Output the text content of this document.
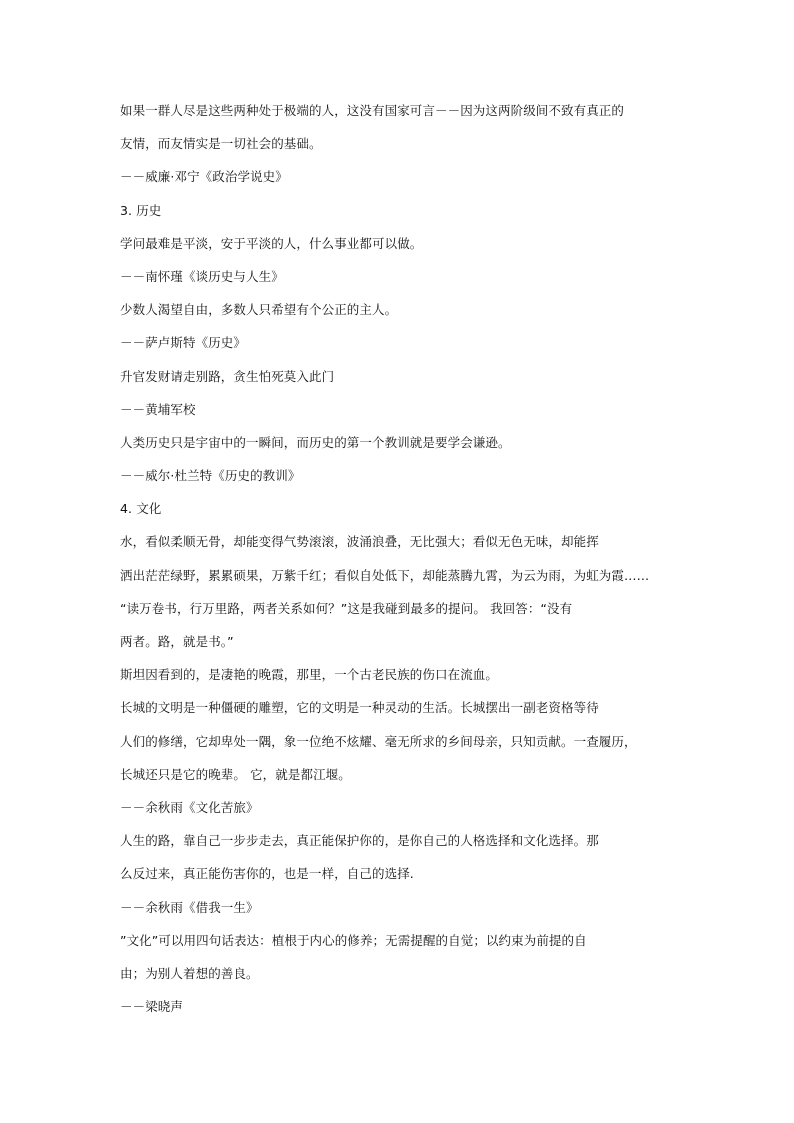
如果一群人尽是这些两种处于极端的人，这没有国家可言－－因为这两阶级间不致有真正的
友情，而友情实是一切社会的基础。
－－威廉·邓宁《政治学说史》
3. 历史
学问最难是平淡，安于平淡的人，什么事业都可以做。
－－南怀瑾《谈历史与人生》
少数人渴望自由，多数人只希望有个公正的主人。
－－萨卢斯特《历史》
升官发财请走别路，贪生怕死莫入此门
－－黄埔军校
人类历史只是宇宙中的一瞬间，而历史的第一个教训就是要学会谦逊。
－－威尔·杜兰特《历史的教训》
4. 文化
水，看似柔顺无骨，却能变得气势滚滚，波涌浪叠，无比强大；看似无色无味，却能挥
洒出茫茫绿野，累累硕果，万紫千红；看似自处低下，却能蒸腾九霄，为云为雨，为虹为霞……
“读万卷书，行万里路，两者关系如何？”这是我碰到最多的提问。 我回答：“没有
两者。路，就是书。”
斯坦因看到的，是凄艳的晚霞，那里，一个古老民族的伤口在流血。
长城的文明是一种僵硬的雕塑，它的文明是一种灵动的生活。长城摆出一副老资格等待
人们的修缮，它却卑处一隅，象一位绝不炫耀、毫无所求的乡间母亲，只知贡献。一查履历，
长城还只是它的晚辈。 它，就是都江堰。
－－余秋雨《文化苦旅》
人生的路，靠自己一步步走去，真正能保护你的，是你自己的人格选择和文化选择。那
么反过来，真正能伤害你的，也是一样，自己的选择.
－－余秋雨《借我一生》
”文化”可以用四句话表达：植根于内心的修养；无需提醒的自觉；以约束为前提的自
由；为别人着想的善良。
－－梁晓声
